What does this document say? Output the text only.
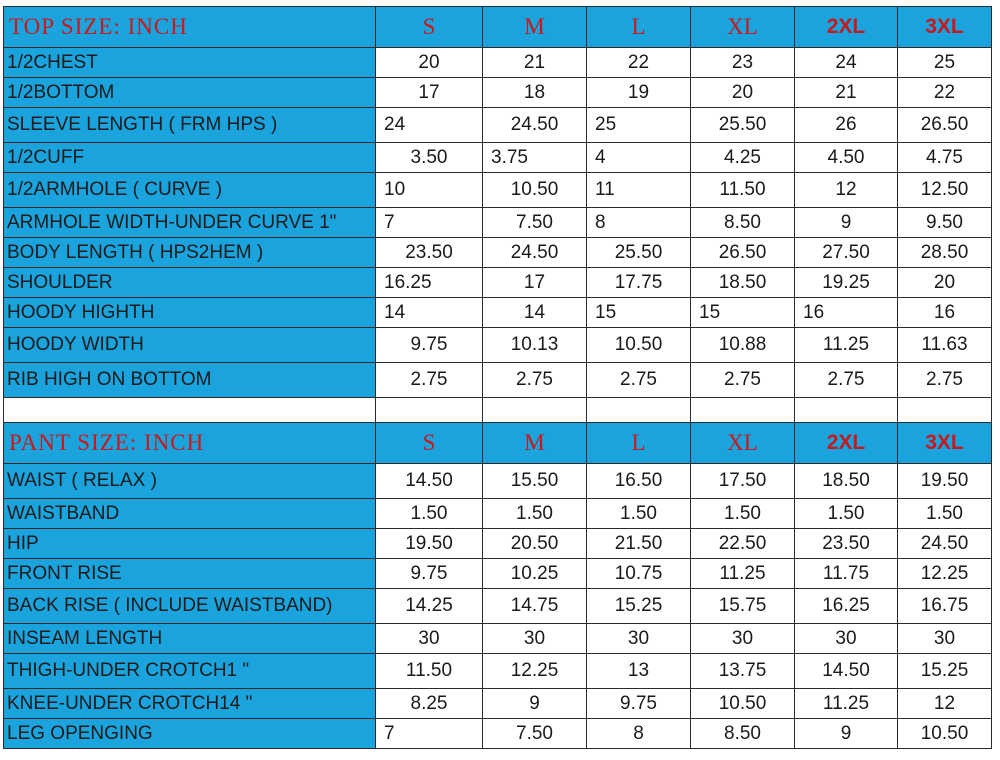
TOP SIZE: INCH	S	M	L	XL	2XL	3XL
1/2CHEST	20	21	22	23	24	25
1/2BOTTOM	17	18	19	20	21	22
SLEEVE LENGTH ( FRM HPS )	24	24.50	25	25.50	26	26.50
1/2CUFF	3.50	3.75	4	4.25	4.50	4.75
1/2ARMHOLE ( CURVE )	10	10.50	11	11.50	12	12.50
ARMHOLE WIDTH-UNDER CURVE 1"	7	7.50	8	8.50	9	9.50
BODY LENGTH ( HPS2HEM )	23.50	24.50	25.50	26.50	27.50	28.50
SHOULDER	16.25	17	17.75	18.50	19.25	20
HOODY HIGHTH	14	14	15	15	16	16
HOODY WIDTH	9.75	10.13	10.50	10.88	11.25	11.63
RIB HIGH ON BOTTOM	2.75	2.75	2.75	2.75	2.75	2.75

PANT SIZE: INCH	S	M	L	XL	2XL	3XL
WAIST ( RELAX )	14.50	15.50	16.50	17.50	18.50	19.50
WAISTBAND	1.50	1.50	1.50	1.50	1.50	1.50
HIP	19.50	20.50	21.50	22.50	23.50	24.50
FRONT RISE	9.75	10.25	10.75	11.25	11.75	12.25
BACK RISE ( INCLUDE WAISTBAND)	14.25	14.75	15.25	15.75	16.25	16.75
INSEAM LENGTH	30	30	30	30	30	30
THIGH-UNDER CROTCH1 "	11.50	12.25	13	13.75	14.50	15.25
KNEE-UNDER CROTCH14 "	8.25	9	9.75	10.50	11.25	12
LEG OPENGING	7	7.50	8	8.50	9	10.50
